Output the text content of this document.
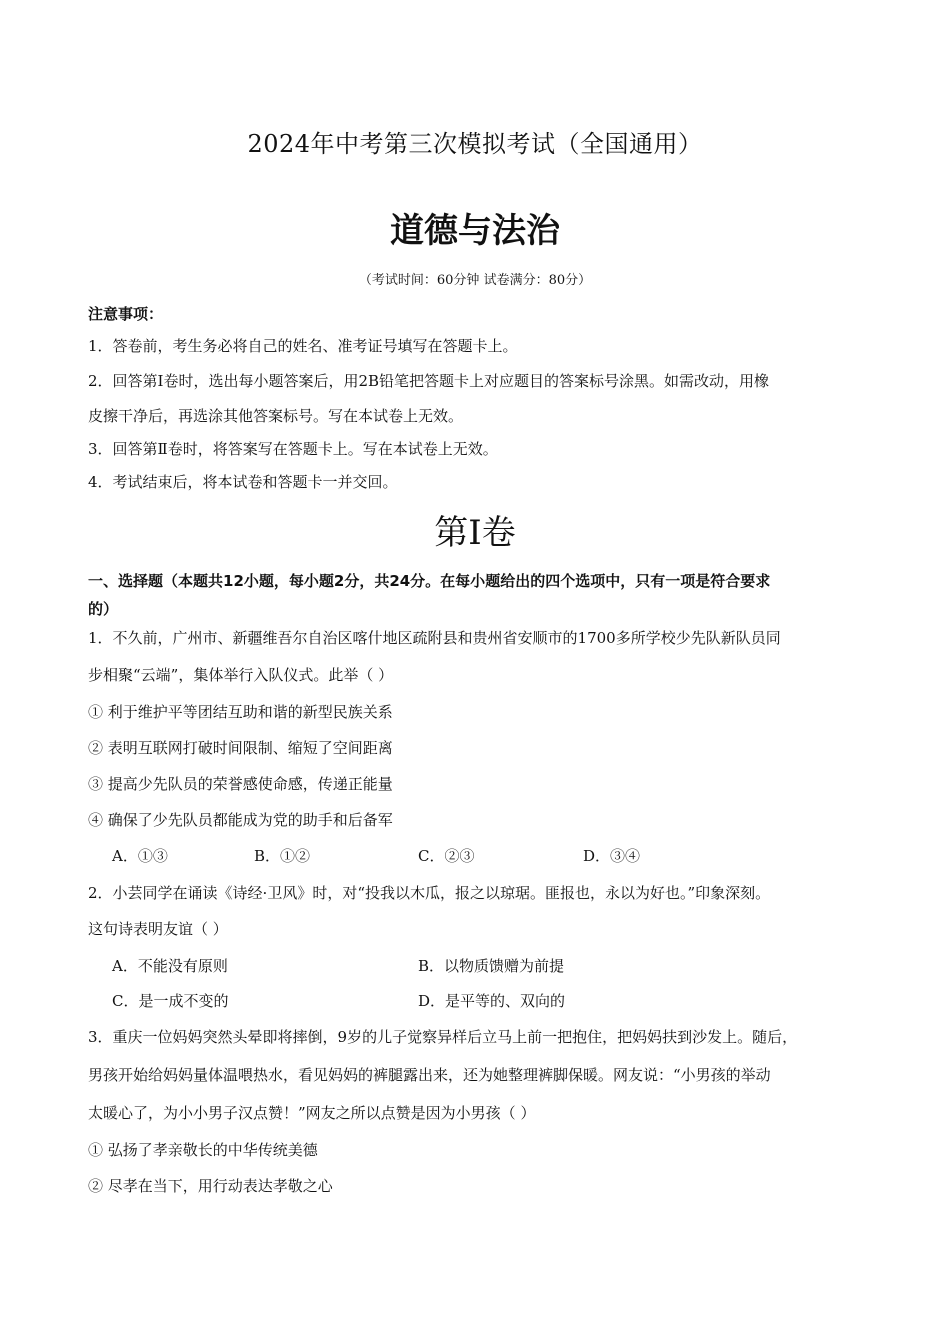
2024年中考第三次模拟考试（全国通用）
道德与法治
（考试时间：60分钟 试卷满分：80分）
注意事项：
1．答卷前，考生务必将自己的姓名、准考证号填写在答题卡上。
2．回答第Ⅰ卷时，选出每小题答案后，用2B铅笔把答题卡上对应题目的答案标号涂黑。如需改动，用橡
皮擦干净后，再选涂其他答案标号。写在本试卷上无效。
3．回答第Ⅱ卷时，将答案写在答题卡上。写在本试卷上无效。
4．考试结束后，将本试卷和答题卡一并交回。
第Ⅰ卷
一、选择题（本题共12小题，每小题2分，共24分。在每小题给出的四个选项中，只有一项是符合要求
的）
1．不久前，广州市、新疆维吾尔自治区喀什地区疏附县和贵州省安顺市的1700多所学校少先队新队员同
步相聚“云端”，集体举行入队仪式。此举（ ）
① 利于维护平等团结互助和谐的新型民族关系
② 表明互联网打破时间限制、缩短了空间距离
③ 提高少先队员的荣誉感使命感，传递正能量
④ 确保了少先队员都能成为党的助手和后备军
A．①③	B．①②	C．②③	D．③④
2．小芸同学在诵读《诗经·卫风》时，对“投我以木瓜，报之以琼琚。匪报也，永以为好也。”印象深刻。
这句诗表明友谊（ ）
A．不能没有原则	B．以物质馈赠为前提
C．是一成不变的	D．是平等的、双向的
3．重庆一位妈妈突然头晕即将摔倒，9岁的儿子觉察异样后立马上前一把抱住，把妈妈扶到沙发上。随后，
男孩开始给妈妈量体温喂热水，看见妈妈的裤腿露出来，还为她整理裤脚保暖。网友说：“小男孩的举动
太暖心了，为小小男子汉点赞！”网友之所以点赞是因为小男孩（ ）
① 弘扬了孝亲敬长的中华传统美德
② 尽孝在当下，用行动表达孝敬之心
